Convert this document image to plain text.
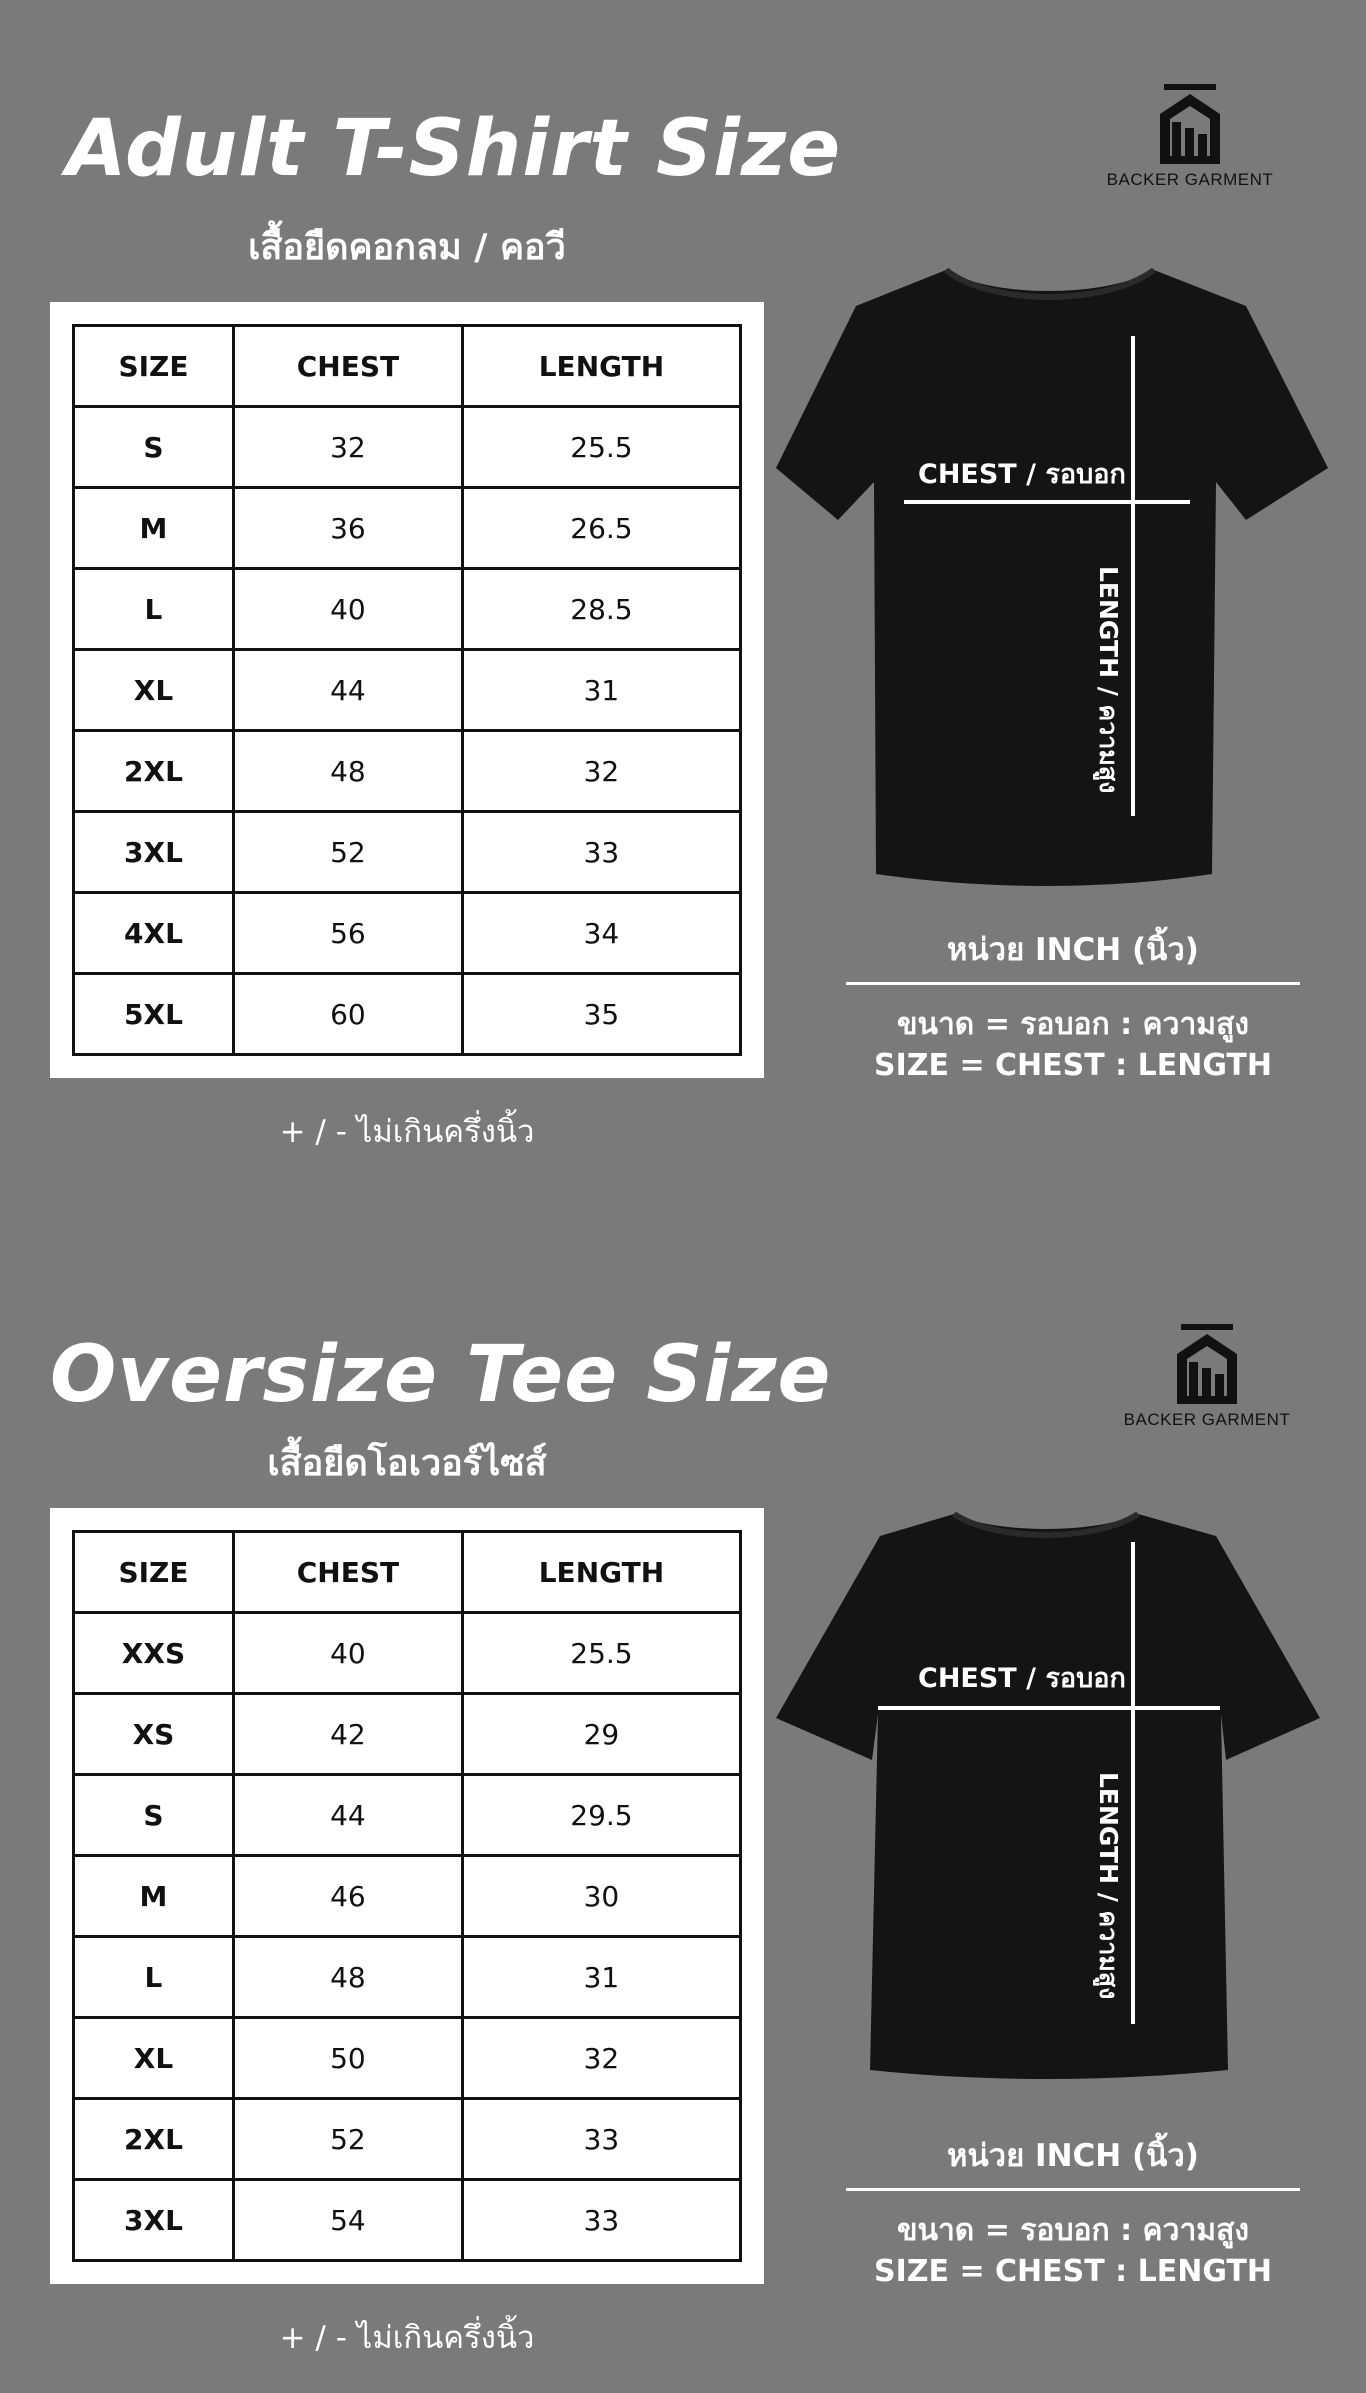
Adult T-Shirt Size
เสื้อยืดคอกลม / คอวี
BACKER GARMENT
SIZE	CHEST	LENGTH
S	32	25.5
M	36	26.5
L	40	28.5
XL	44	31
2XL	48	32
3XL	52	33
4XL	56	34
5XL	60	35
+ / - ไม่เกินครึ่งนิ้ว
CHEST / รอบอก
LENGTH / ความสูง
หน่วย INCH (นิ้ว)
ขนาด = รอบอก : ความสูง
SIZE = CHEST : LENGTH
Oversize Tee Size
เสื้อยืดโอเวอร์ไซส์
BACKER GARMENT
SIZE	CHEST	LENGTH
XXS	40	25.5
XS	42	29
S	44	29.5
M	46	30
L	48	31
XL	50	32
2XL	52	33
3XL	54	33
+ / - ไม่เกินครึ่งนิ้ว
CHEST / รอบอก
LENGTH / ความสูง
หน่วย INCH (นิ้ว)
ขนาด = รอบอก : ความสูง
SIZE = CHEST : LENGTH
